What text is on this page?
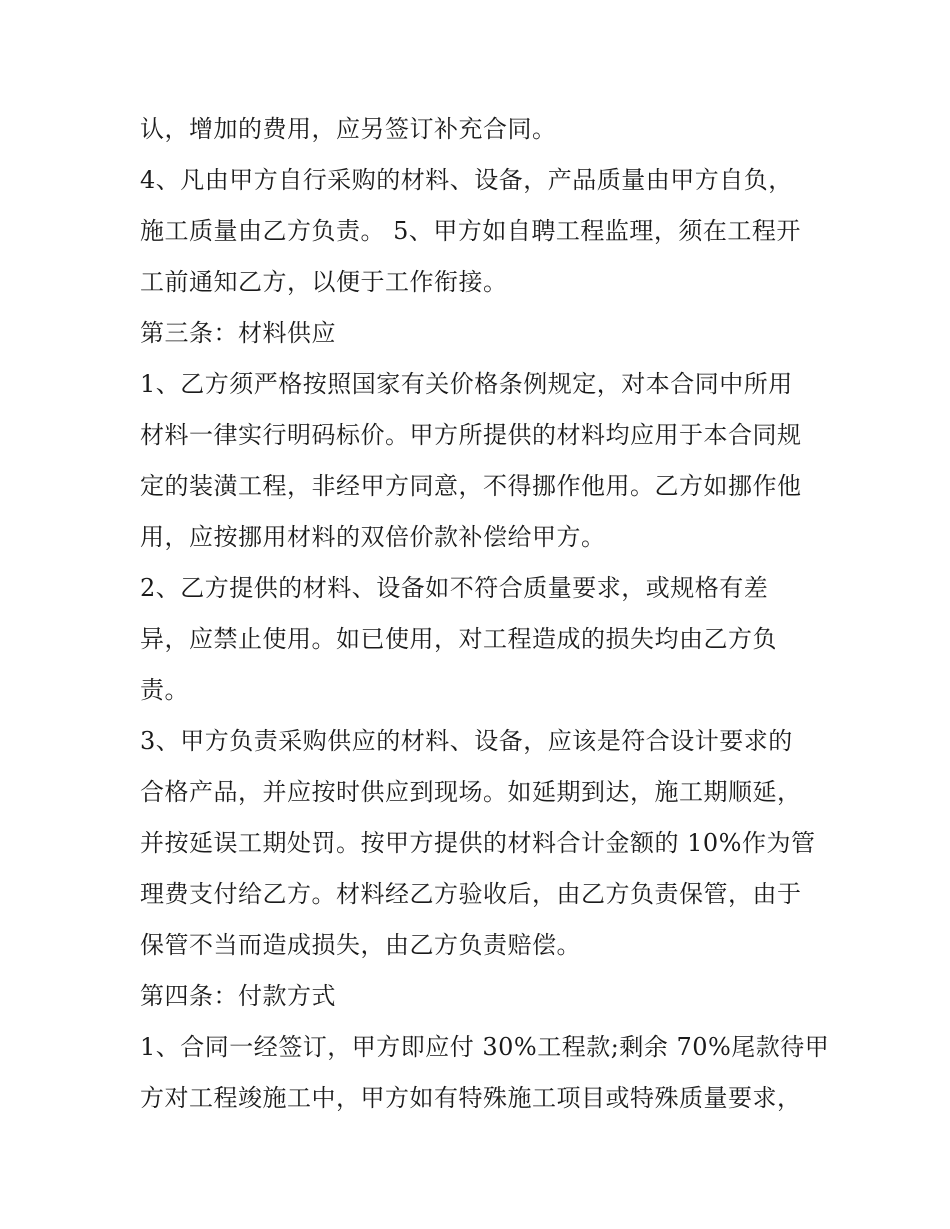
认，增加的费用，应另签订补充合同。
4、凡由甲方自行采购的材料、设备，产品质量由甲方自负，
施工质量由乙方负责。 5、甲方如自聘工程监理，须在工程开
工前通知乙方，以便于工作衔接。
第三条：材料供应
1、乙方须严格按照国家有关价格条例规定，对本合同中所用
材料一律实行明码标价。甲方所提供的材料均应用于本合同规
定的装潢工程，非经甲方同意，不得挪作他用。乙方如挪作他
用，应按挪用材料的双倍价款补偿给甲方。
2、乙方提供的材料、设备如不符合质量要求，或规格有差
异，应禁止使用。如已使用，对工程造成的损失均由乙方负
责。
3、甲方负责采购供应的材料、设备，应该是符合设计要求的
合格产品，并应按时供应到现场。如延期到达，施工期顺延，
并按延误工期处罚。按甲方提供的材料合计金额的 10%作为管
理费支付给乙方。材料经乙方验收后，由乙方负责保管，由于
保管不当而造成损失，由乙方负责赔偿。
第四条：付款方式
1、合同一经签订，甲方即应付 30%工程款;剩余 70%尾款待甲
方对工程竣施工中，甲方如有特殊施工项目或特殊质量要求，
